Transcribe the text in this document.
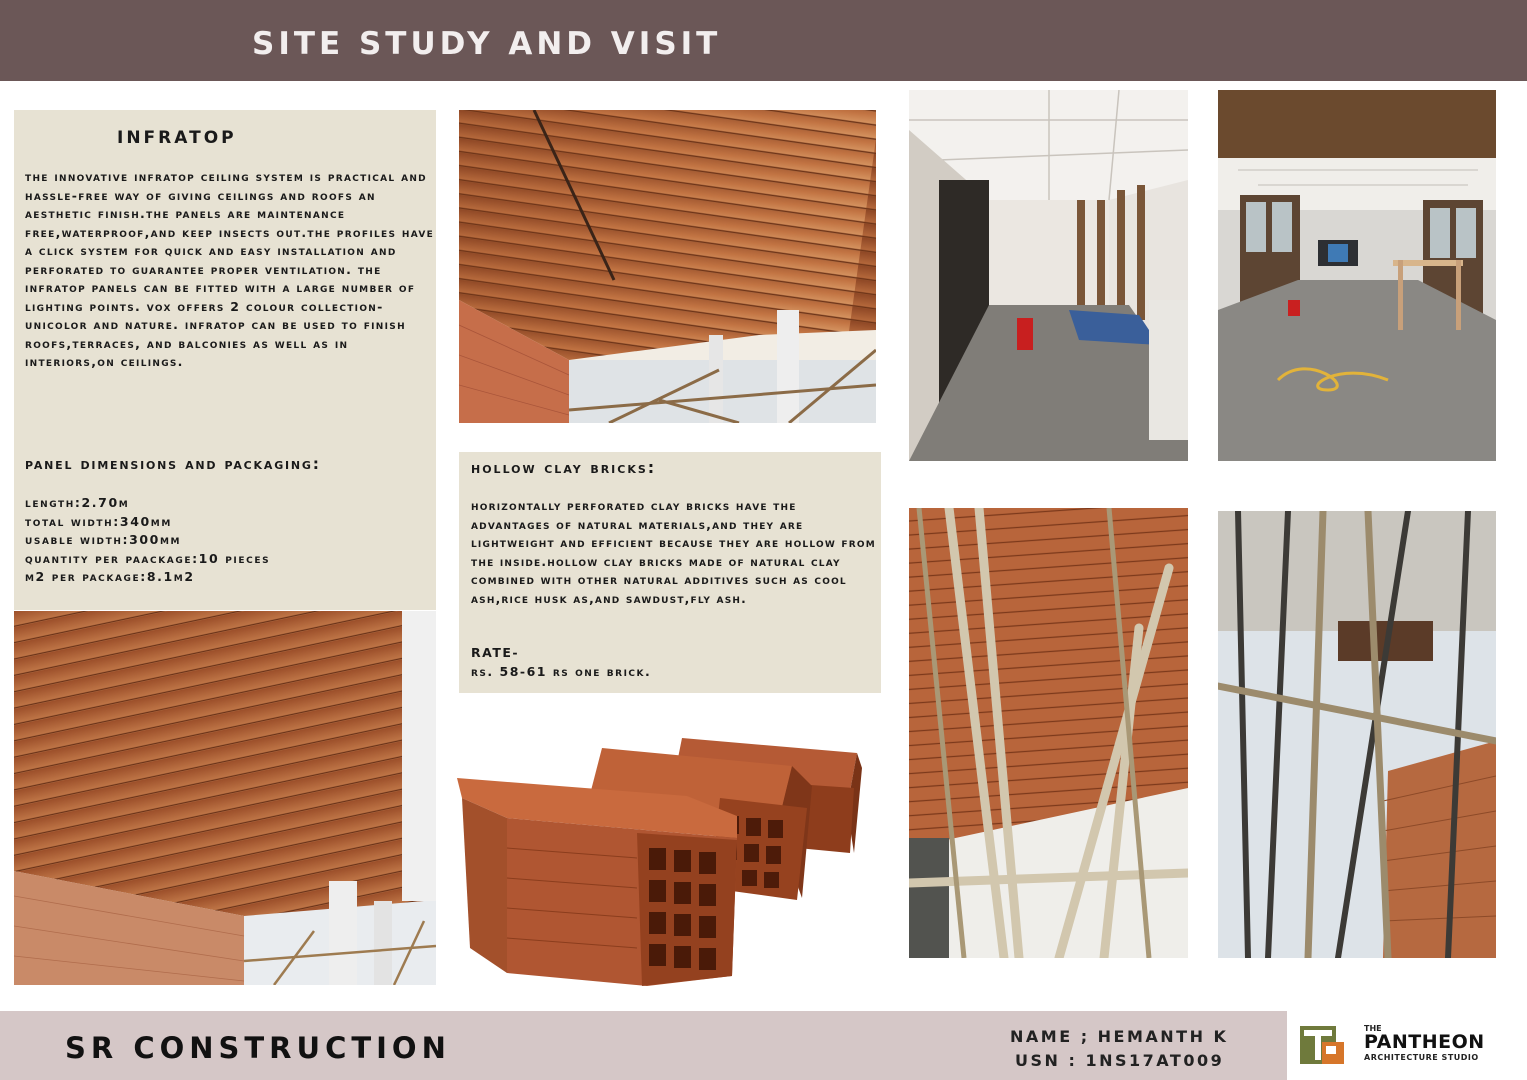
SITE STUDY AND VISIT
INFRATOP
the innovative infratop ceiling system is practical and hassle-free way of giving ceilings and roofs an aesthetic finish.the panels are maintenance free,waterproof,and keep insects out.the profiles have a click system for quick and easy installation and perforated to guarantee proper ventilation. the infratop panels can be fitted with a large number of lighting points. vox offers 2 colour collection-unicolor and nature. infratop can be used to finish roofs,terraces, and balconies as well as in interiors,on ceilings.
panel dimensions and packaging:
length:2.70m
total width:340mm
usable width:300mm
quantity per paackage:10 pieces
m2 per package:8.1m2
hollow clay bricks:
horizontally perforated clay bricks have the advantages of natural materials,and they are lightweight and efficient because they are hollow from the inside.hollow clay bricks made of natural clay combined with other natural additives such as cool ash,rice husk as,and sawdust,fly ash.
RATE-
rs. 58-61 rs one brick.
SR CONSTRUCTION	NAME ; HEMANTH K
USN : 1NS17AT009
THE
PANTHEON
ARCHITECTURE STUDIO
